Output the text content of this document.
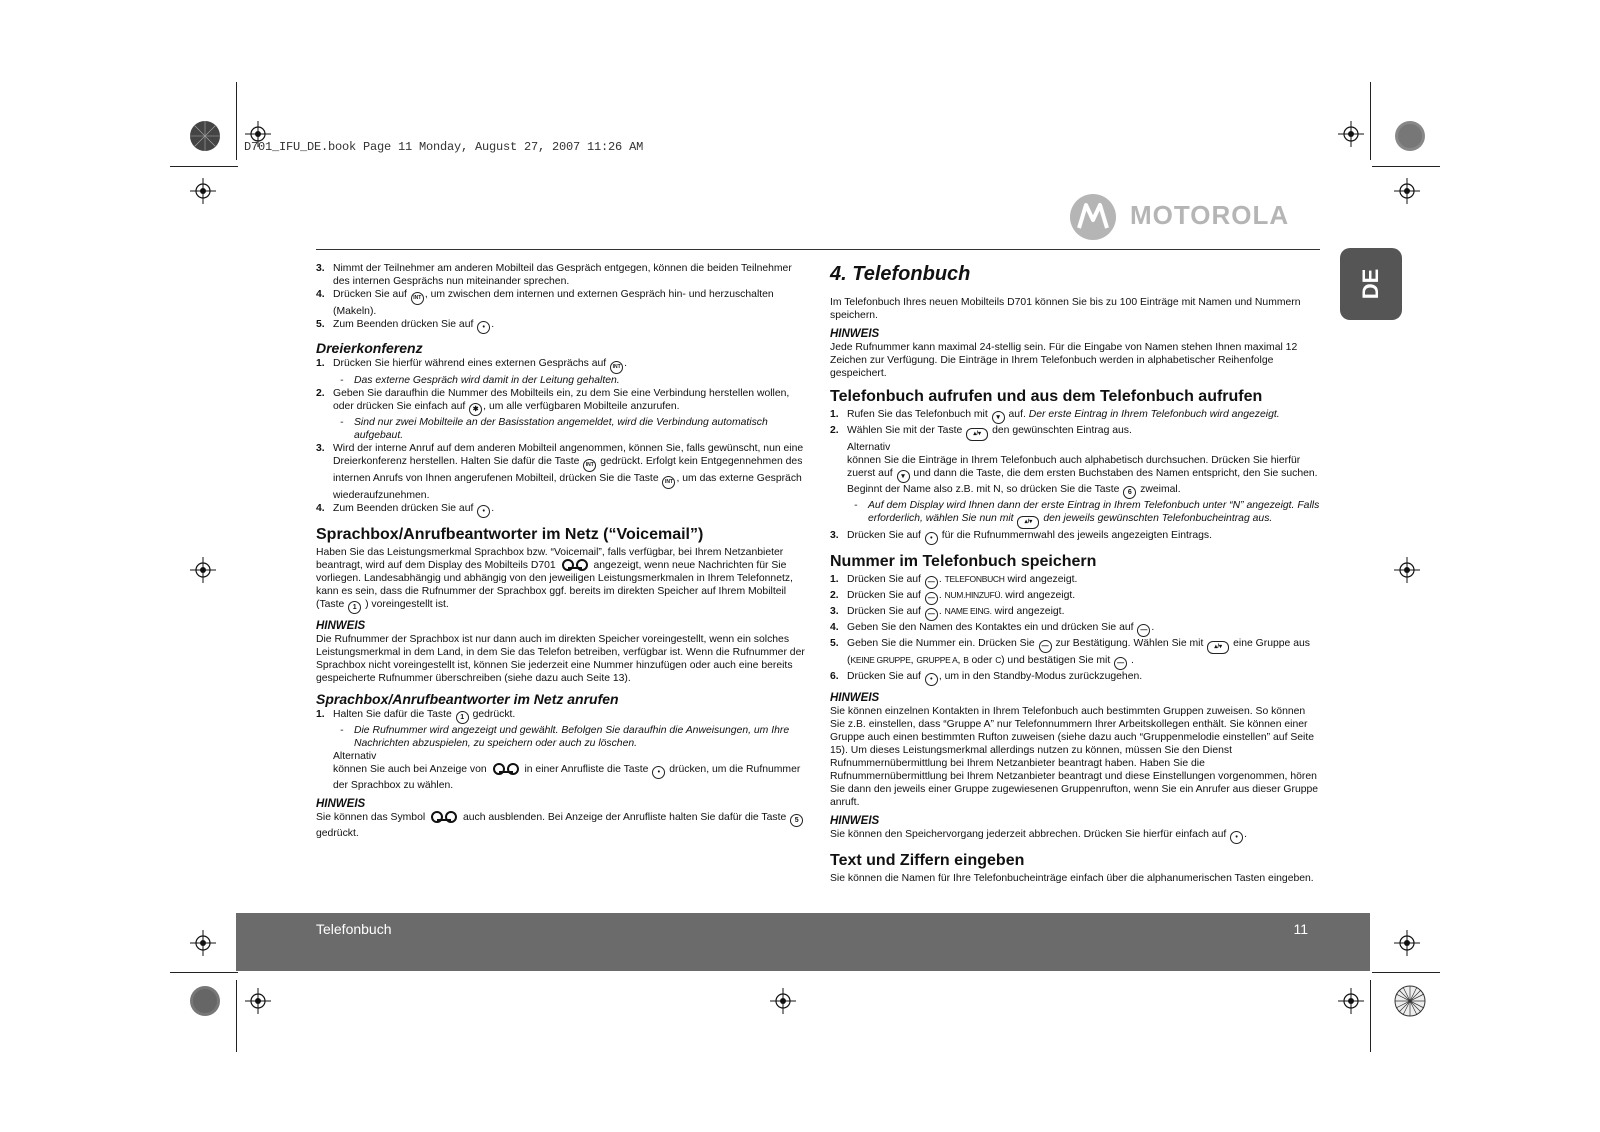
D701_IFU_DE.book Page 11 Monday, August 27, 2007 11:26 AM
MOTOROLA
DE
3. Nimmt der Teilnehmer am anderen Mobilteil das Gespräch entgegen, können die beiden Teilnehmer des internen Gesprächs nun miteinander sprechen.
4. Drücken Sie auf INT , um zwischen dem internen und externen Gespräch hin- und herzuschalten (Makeln).
5. Zum Beenden drücken Sie auf • .
Dreierkonferenz
1. Drücken Sie hierfür während eines externen Gesprächs auf INT .
- Das externe Gespräch wird damit in der Leitung gehalten.
2. Geben Sie daraufhin die Nummer des Mobilteils ein, zu dem Sie eine Verbindung herstellen wollen, oder drücken Sie einfach auf ✱ , um alle verfügbaren Mobilteile anzurufen.
- Sind nur zwei Mobilteile an der Basisstation angemeldet, wird die Verbindung automatisch aufgebaut.
3. Wird der interne Anruf auf dem anderen Mobilteil angenommen, können Sie, falls gewünscht, nun eine Dreierkonferenz herstellen. Halten Sie dafür die Taste INT gedrückt. Erfolgt kein Entgegennehmen des internen Anrufs von Ihnen angerufenen Mobilteil, drücken Sie die Taste INT , um das externe Gespräch wiederaufzunehmen.
4. Zum Beenden drücken Sie auf • .
Sprachbox/Anrufbeantworter im Netz (“Voicemail”)

Haben Sie das Leistungsmerkmal Sprachbox bzw. “Voicemail”, falls verfügbar, bei Ihrem Netzanbieter beantragt, wird auf dem Display des Mobilteils D701	angezeigt, wenn neue Nachrichten für Sie vorliegen. Landesabhängig und abhängig von den jeweiligen Leistungsmerkmalen in Ihrem Telefonnetz, kann es sein, dass die Rufnummer der Sprachbox ggf. bereits im direkten Speicher auf Ihrem Mobilteil (Taste 1 ) voreingestellt ist.

HINWEIS

Die Rufnummer der Sprachbox ist nur dann auch im direkten Speicher voreingestellt, wenn ein solches Leistungsmerkmal in dem Land, in dem Sie das Telefon betreiben, verfügbar ist. Wenn die Rufnummer der Sprachbox nicht voreingestellt ist, können Sie jederzeit eine Nummer hinzufügen oder auch eine bereits gespeicherte Rufnummer überschreiben (siehe dazu auch Seite 13).

Sprachbox/Anrufbeantworter im Netz anrufen
1. Halten Sie dafür die Taste 1 gedrückt.
- Die Rufnummer wird angezeigt und gewählt. Befolgen Sie daraufhin die Anweisungen, um Ihre Nachrichten abzuspielen, zu speichern oder auch zu löschen.
Alternativ
können Sie auch bei Anzeige von	in einer Anrufliste die Taste • drücken, um die Rufnummer der Sprachbox zu wählen.
HINWEIS

Sie können das Symbol	auch ausblenden. Bei Anzeige der Anrufliste halten Sie dafür die Taste 5 gedrückt.

4. Telefonbuch

Im Telefonbuch Ihres neuen Mobilteils D701 können Sie bis zu 100 Einträge mit Namen und Nummern speichern.

HINWEIS

Jede Rufnummer kann maximal 24-stellig sein. Für die Eingabe von Namen stehen Ihnen maximal 12 Zeichen zur Verfügung. Die Einträge in Ihrem Telefonbuch werden in alphabetischer Reihenfolge gespeichert.

Telefonbuch aufrufen und aus dem Telefonbuch aufrufen
1. Rufen Sie das Telefonbuch mit ▾ auf. Der erste Eintrag in Ihrem Telefonbuch wird angezeigt.
2. Wählen Sie mit der Taste ▴/▾ den gewünschten Eintrag aus.
Alternativ
können Sie die Einträge in Ihrem Telefonbuch auch alphabetisch durchsuchen. Drücken Sie hierfür zuerst auf ▾ und dann die Taste, die dem ersten Buchstaben des Namen entspricht, den Sie suchen. Beginnt der Name also z.B. mit N, so drücken Sie die Taste 6 zweimal.
- Auf dem Display wird Ihnen dann der erste Eintrag in Ihrem Telefonbuch unter “N” angezeigt. Falls erforderlich, wählen Sie nun mit ▴/▾ den jeweils gewünschten Telefonbucheintrag aus.
3. Drücken Sie auf • für die Rufnummernwahl des jeweils angezeigten Eintrags.
Nummer im Telefonbuch speichern
1. Drücken Sie auf — . TELEFONBUCH wird angezeigt.
2. Drücken Sie auf — . NUM.HINZUFÜ. wird angezeigt.
3. Drücken Sie auf — . NAME EING. wird angezeigt.
4. Geben Sie den Namen des Kontaktes ein und drücken Sie auf — .
5. Geben Sie die Nummer ein. Drücken Sie — zur Bestätigung. Wählen Sie mit ▴/▾ eine Gruppe aus (KEINE GRUPPE, GRUPPE A, B oder C) und bestätigen Sie mit — .
6. Drücken Sie auf • , um in den Standby-Modus zurückzugehen.
HINWEIS

Sie können einzelnen Kontakten in Ihrem Telefonbuch auch bestimmten Gruppen zuweisen. So können Sie z.B. einstellen, dass “Gruppe A” nur Telefonnummern Ihrer Arbeitskollegen enthält. Sie können einer Gruppe auch einen bestimmten Rufton zuweisen (siehe dazu auch “Gruppenmelodie einstellen” auf Seite 15). Um dieses Leistungsmerkmal allerdings nutzen zu können, müssen Sie den Dienst Rufnummernübermittlung bei Ihrem Netzanbieter beantragt haben. Haben Sie die Rufnummernübermittlung bei Ihrem Netzanbieter beantragt und diese Einstellungen vorgenommen, hören Sie dann den jeweils einer Gruppe zugewiesenen Gruppenrufton, wenn Sie ein Anrufer aus dieser Gruppe anruft.

HINWEIS

Sie können den Speichervorgang jederzeit abbrechen. Drücken Sie hierfür einfach auf • .

Text und Ziffern eingeben

Sie können die Namen für Ihre Telefonbucheinträge einfach über die alphanumerischen Tasten eingeben.

Telefonbuch	11
